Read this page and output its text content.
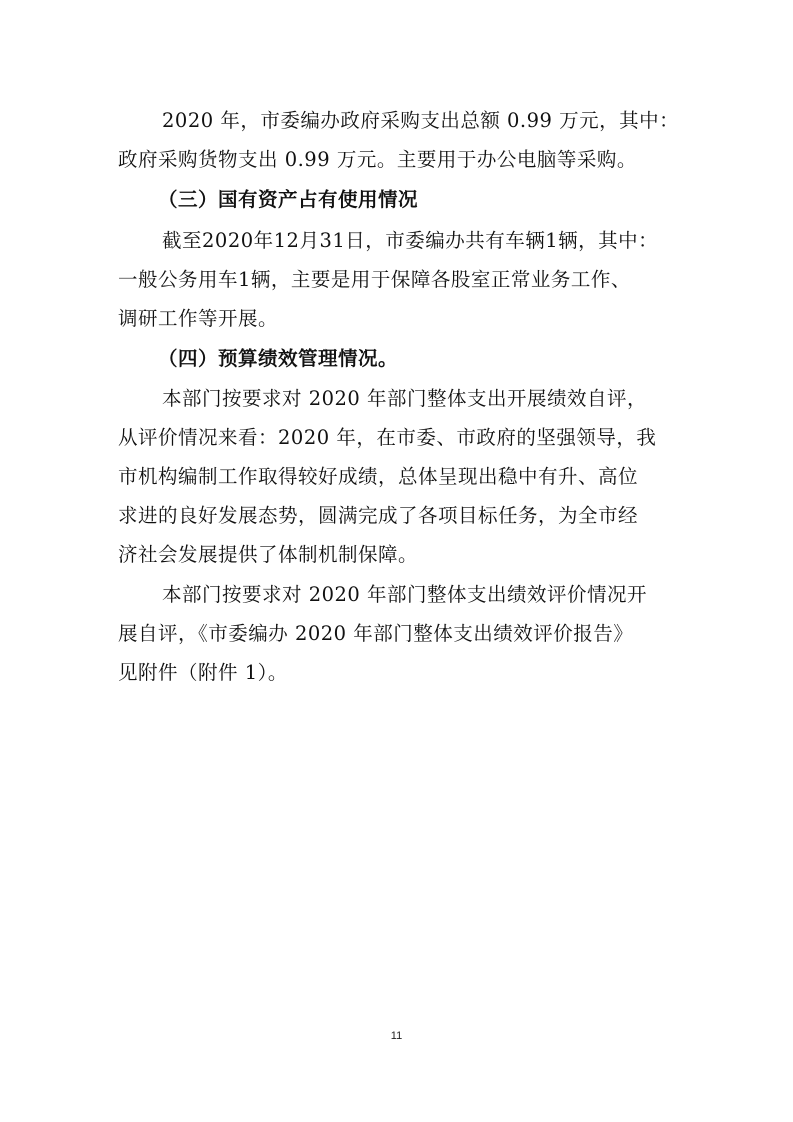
2020 年，市委编办政府采购支出总额 0.99 万元，其中：
政府采购货物支出 0.99 万元。主要用于办公电脑等采购。
（三）国有资产占有使用情况
截至2020年12月31日，市委编办共有车辆1辆，其中：
一般公务用车1辆，主要是用于保障各股室正常业务工作、
调研工作等开展。
（四）预算绩效管理情况。
本部门按要求对 2020 年部门整体支出开展绩效自评，
从评价情况来看：2020 年，在市委、市政府的坚强领导，我
市机构编制工作取得较好成绩，总体呈现出稳中有升、高位
求进的良好发展态势，圆满完成了各项目标任务，为全市经
济社会发展提供了体制机制保障。
本部门按要求对 2020 年部门整体支出绩效评价情况开
展自评，《市委编办 2020 年部门整体支出绩效评价报告》
见附件（附件 1）。
11
